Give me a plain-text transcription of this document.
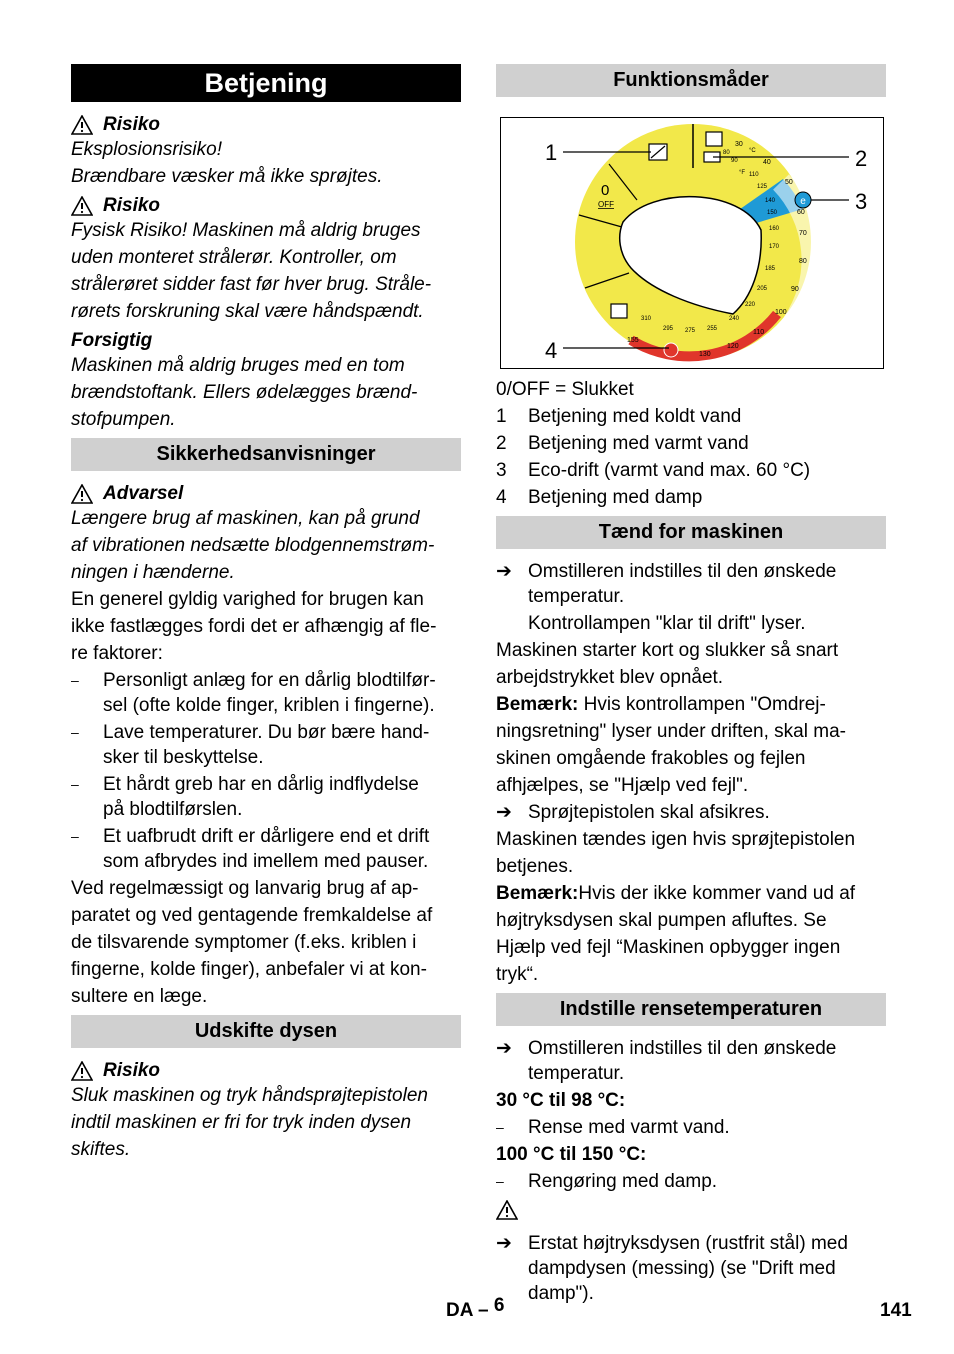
Betjening
Risiko

Eksplosionsrisiko!

Brændbare væsker må ikke sprøjtes.

Risiko

Fysisk Risiko! Maskinen må aldrig bruges

uden monteret strålerør. Kontroller, om

strålerøret sidder fast før hver brug. Stråle-

rørets forskruning skal være håndspændt.

Forsigtig

Maskinen må aldrig bruges med en tom

brændstoftank. Ellers ødelægges brænd-

stofpumpen.

Sikkerhedsanvisninger
Advarsel

Længere brug af maskinen, kan på grund

af vibrationen nedsætte blodgennemstrøm-

ningen i hænderne.

En generel gyldig varighed for brugen kan

ikke fastlægges fordi det er afhængig af fle-

re faktorer:

–	Personligt anlæg for en dårlig blodtilfør-
sel (ofte kolde finger, kriblen i fingerne).
–	Lave temperaturer. Du bør bære hand-
sker til beskyttelse.
–	Et hårdt greb har en dårlig indflydelse
på blodtilførslen.
–	Et uafbrudt drift er dårligere end et drift
som afbrydes ind imellem med pauser.

Ved regelmæssigt og lanvarig brug af ap-

paratet og ved gentagende fremkaldelse af

de tilsvarende symptomer (f.eks. kriblen i

fingerne, kolde finger), anbefaler vi at kon-

sultere en læge.

Udskifte dysen
Risiko

Sluk maskinen og tryk håndsprøjtepistolen

indtil maskinen er fri for tryk inden dysen

skiftes.

Funktionsmåder
e
0
OFF
°C
°F
30
40
50
60
70
80
90
100
110
120
130
80
90
110
125
140
150
160
170
185
205
220
240
255
275
295
310
155
1	2
3
4

0/OFF = Slukket

1	Betjening med koldt vand
2	Betjening med varmt vand
3	Eco-drift (varmt vand max. 60 °C)
4	Betjening med damp
Tænd for maskinen
➔ Omstilleren indstilles til den ønskede
temperatur.

Kontrollampen "klar til drift" lyser.

Maskinen starter kort og slukker så snart

arbejdstrykket blev opnået.

Bemærk: Hvis kontrollampen "Omdrej-

ningsretning" lyser under driften, skal ma-

skinen omgående frakobles og fejlen

afhjælpes, se "Hjælp ved fejl".

➔ Sprøjtepistolen skal afsikres.

Maskinen tændes igen hvis sprøjtepistolen

betjenes.

Bemærk:Hvis der ikke kommer vand ud af

højtryksdysen skal pumpen afluftes. Se

Hjælp ved fejl “Maskinen opbygger ingen

tryk“.

Indstille rensetemperaturen
➔ Omstilleren indstilles til den ønskede
temperatur.

30 °C til 98 °C:

–	Rense med varmt vand.

100 °C til 150 °C:

–	Rengøring med damp.
➔ Erstat højtryksdysen (rustfrit stål) med
dampdysen (messing) (se "Drift med
damp").
DA – 6	141
